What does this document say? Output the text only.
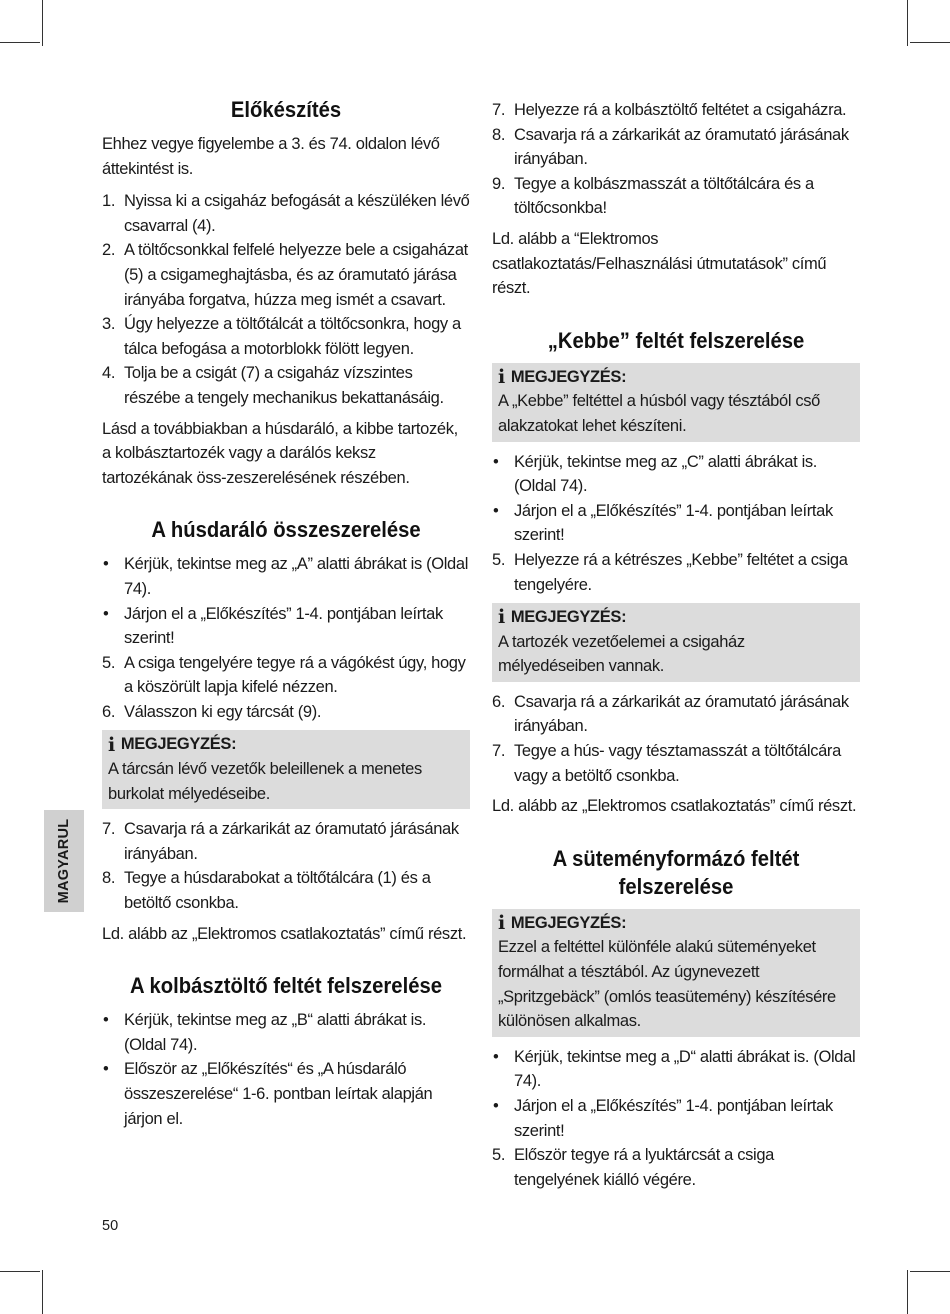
MAGYARUL
Előkészítés

Ehhez vegye figyelembe a 3. és 74. oldalon lévő áttekintést is.

1. Nyissa ki a csigaház befogását a készüléken lévő csavarral (4).
2. A töltőcsonkkal felfelé helyezze bele a csigaházat (5) a csigameghajtásba, és az óramutató járása irányába forgatva, húzza meg ismét a csavart.
3. Úgy helyezze a töltőtálcát a töltőcsonkra, hogy a tálca befogása a motorblokk fölött legyen.
4. Tolja be a csigát (7) a csigaház vízszintes részébe a tengely mechanikus bekattanásáig.

Lásd a továbbiakban a húsdaráló, a kibbe tartozék, a kolbásztartozék vagy a darálós keksz tartozékának öss-zeszerelésének részében.

A húsdaráló összeszerelése
• Kérjük, tekintse meg az „A” alatti ábrákat is (Oldal 74).
• Járjon el a „Előkészítés” 1-4. pontjában leírtak szerint!
5. A csiga tengelyére tegye rá a vágókést úgy, hogy a köszörült lapja kifelé nézzen.
6. Válasszon ki egy tárcsát (9).
i MEGJEGYZÉS:
A tárcsán lévő vezetők beleillenek a menetes burkolat mélyedéseibe.
7. Csavarja rá a zárkarikát az óramutató járásának irányában.
8. Tegye a húsdarabokat a töltőtálcára (1) és a betöltő csonkba.

Ld. alább az „Elektromos csatlakoztatás” című részt.

A kolbásztöltő feltét felszerelése
• Kérjük, tekintse meg az „B“ alatti ábrákat is. (Oldal 74).
• Először az „Előkészítés“ és „A húsdaráló összeszerelése“ 1-6. pontban leírtak alapján járjon el.
7. Helyezze rá a kolbásztöltő feltétet a csigaházra.
8. Csavarja rá a zárkarikát az óramutató járásának irányában.
9. Tegye a kolbászmasszát a töltőtálcára és a töltőcsonkba!

Ld. alább a “Elektromos csatlakoztatás/Felhasználási útmutatások” című részt.

„Kebbe” feltét felszerelése
i MEGJEGYZÉS:
A „Kebbe” feltéttel a húsból vagy tésztából cső alakzatokat lehet készíteni.
• Kérjük, tekintse meg az „C” alatti ábrákat is. (Oldal 74).
• Járjon el a „Előkészítés” 1-4. pontjában leírtak szerint!
5. Helyezze rá a kétrészes „Kebbe” feltétet a csiga tengelyére.
i MEGJEGYZÉS:
A tartozék vezetőelemei a csigaház mélyedéseiben vannak.
6. Csavarja rá a zárkarikát az óramutató járásának irányában.
7. Tegye a hús- vagy tésztamasszát a töltőtálcára vagy a betöltő csonkba.

Ld. alább az „Elektromos csatlakoztatás” című részt.

A süteményformázó feltét felszerelése
i MEGJEGYZÉS:
Ezzel a feltéttel különféle alakú süteményeket formálhat a tésztából. Az úgynevezett „Spritzgebäck” (omlós teasütemény) készítésére különösen alkalmas.
• Kérjük, tekintse meg a „D“ alatti ábrákat is. (Oldal 74).
• Járjon el a „Előkészítés” 1-4. pontjában leírtak szerint!
5. Először tegye rá a lyuktárcsát a csiga tengelyének kiálló végére.
50
